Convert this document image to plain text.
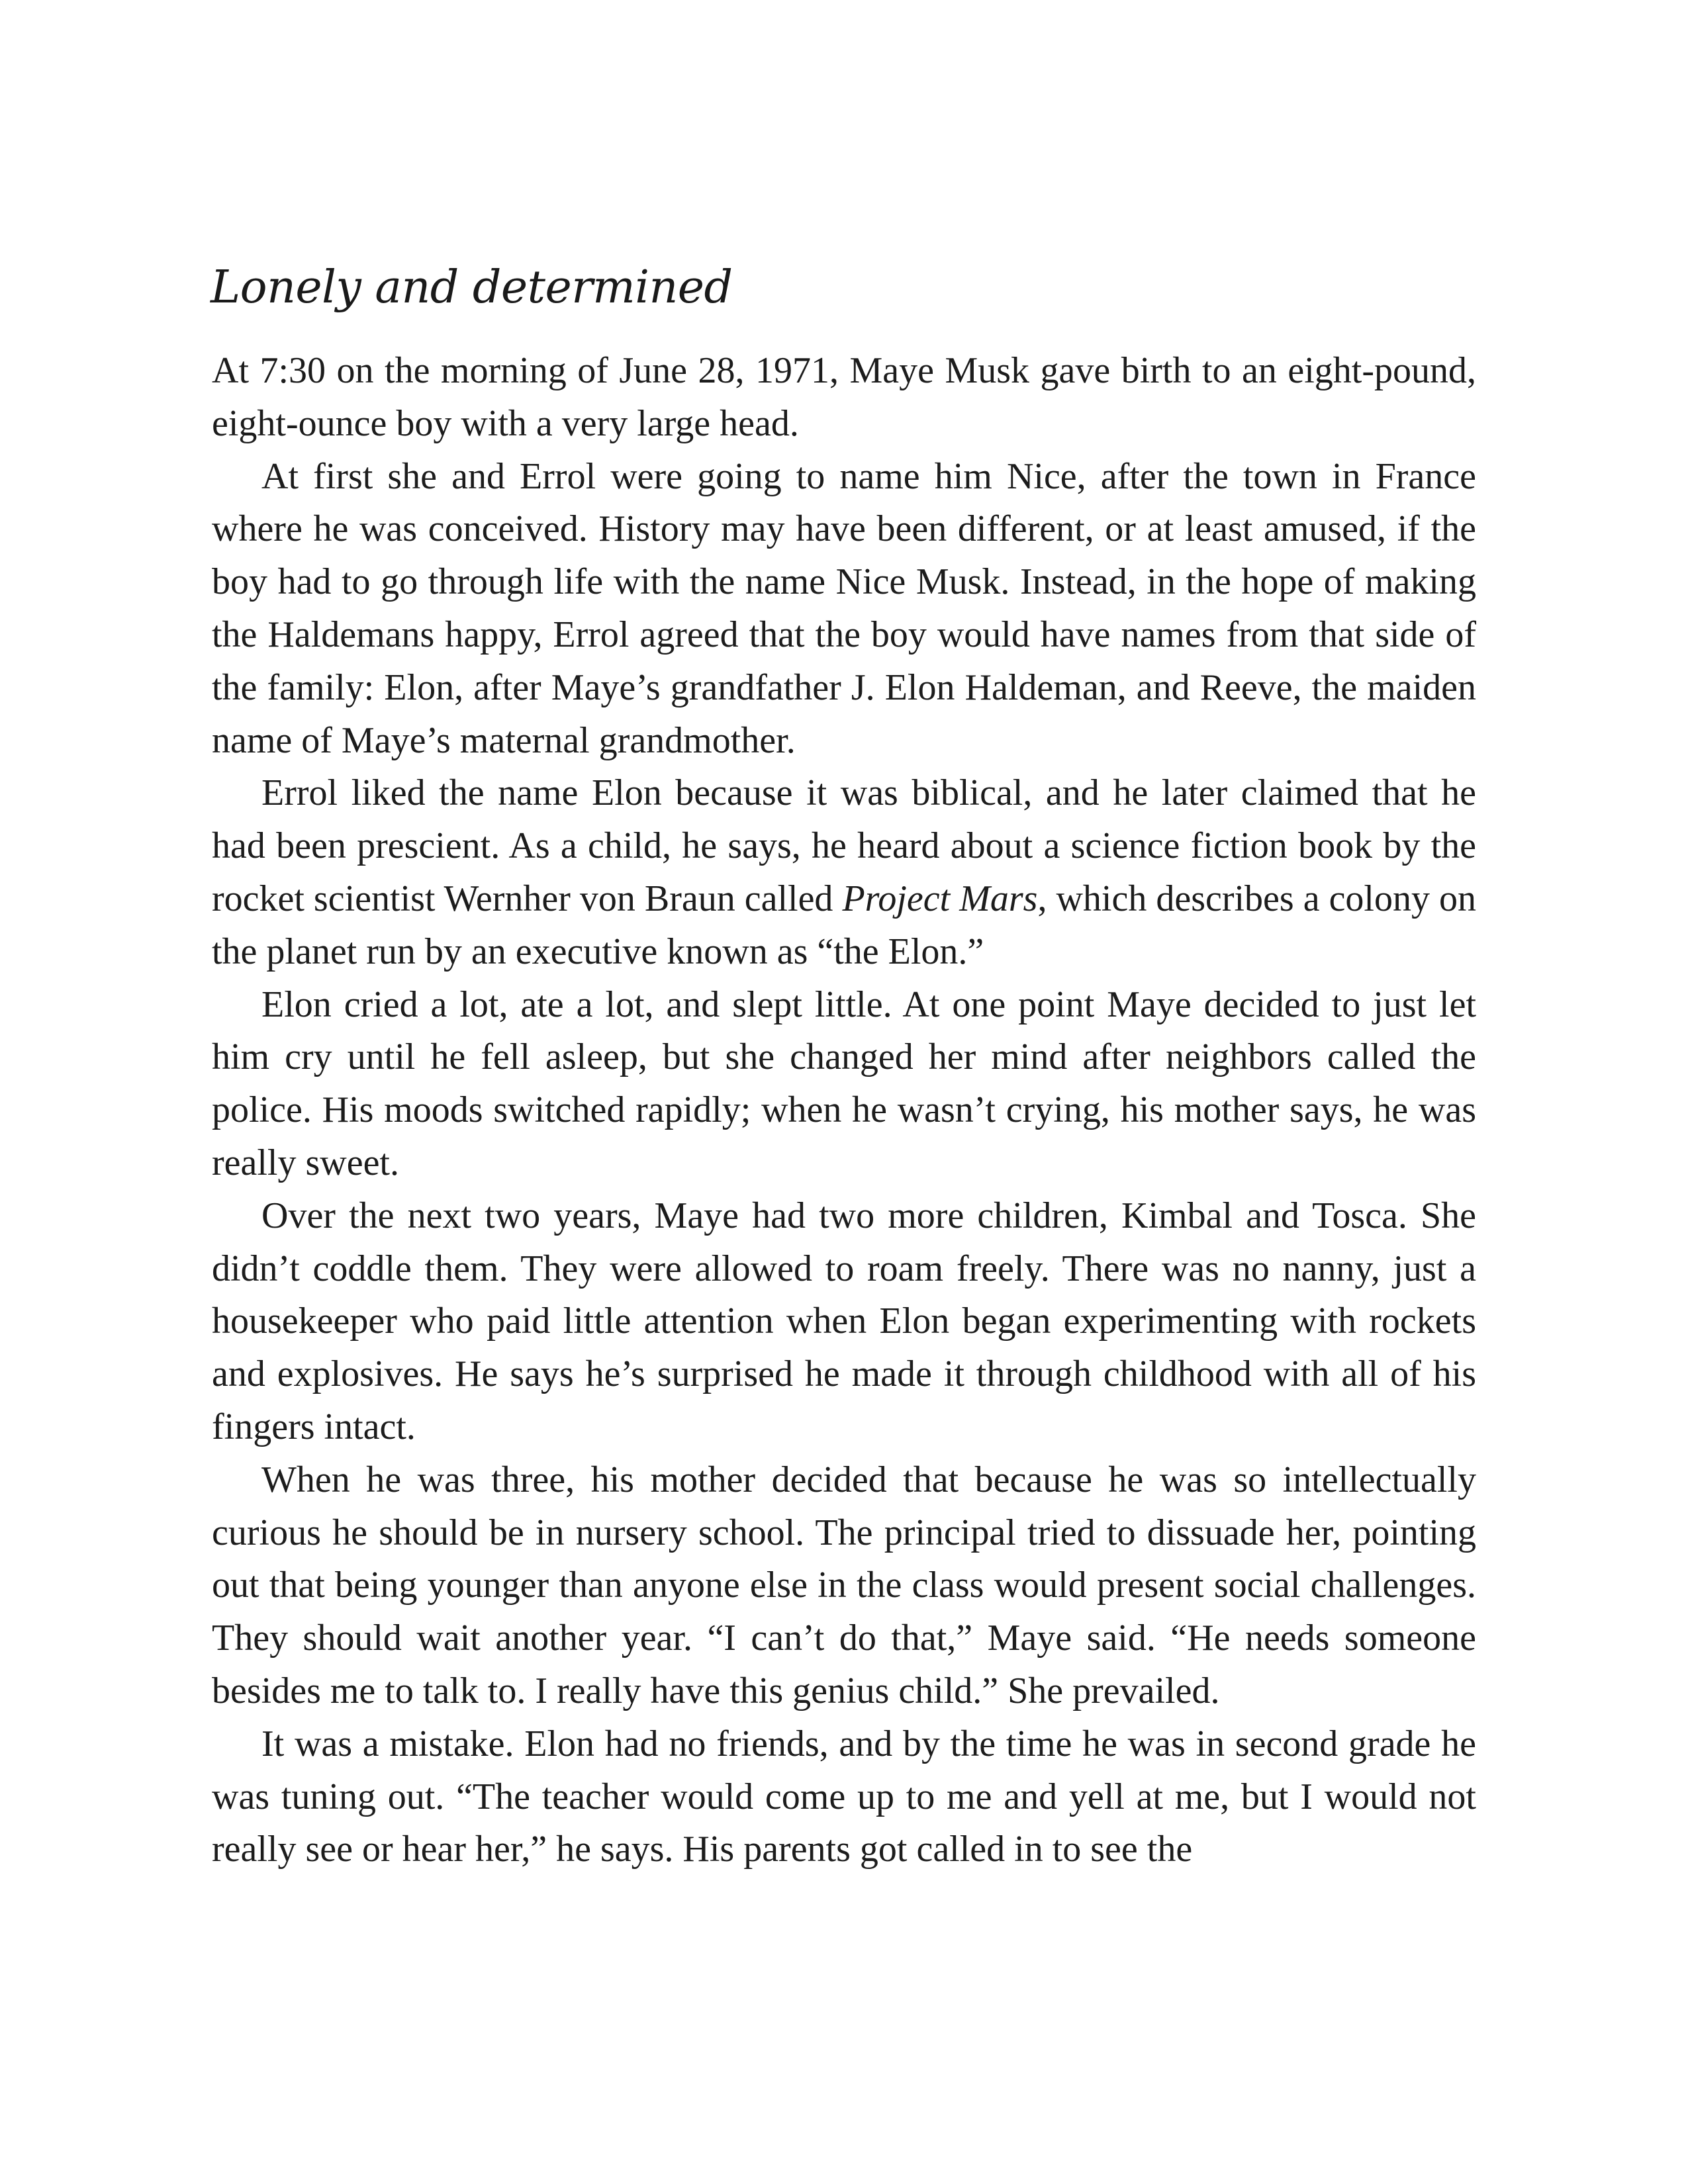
Lonely and determined

At 7:30 on the morning of June 28, 1971, Maye Musk gave birth to an eight-pound, eight-ounce boy with a very large head.

At first she and Errol were going to name him Nice, after the town in France where he was conceived. History may have been different, or at least amused, if the boy had to go through life with the name Nice Musk. Instead, in the hope of making the Haldemans happy, Errol agreed that the boy would have names from that side of the family: Elon, after Maye’s grandfather J. Elon Haldeman, and Reeve, the maiden name of Maye’s maternal grandmother.

Errol liked the name Elon because it was biblical, and he later claimed that he had been prescient. As a child, he says, he heard about a science fiction book by the rocket scientist Wernher von Braun called Project Mars, which describes a colony on the planet run by an executive known as “the Elon.”

Elon cried a lot, ate a lot, and slept little. At one point Maye decided to just let him cry until he fell asleep, but she changed her mind after neighbors called the police. His moods switched rapidly; when he wasn’t crying, his mother says, he was really sweet.

Over the next two years, Maye had two more children, Kimbal and Tosca. She didn’t coddle them. They were allowed to roam freely. There was no nanny, just a housekeeper who paid little attention when Elon began experimenting with rockets and explosives. He says he’s surprised he made it through childhood with all of his fingers intact.

When he was three, his mother decided that because he was so intellectually curious he should be in nursery school. The principal tried to dissuade her, pointing out that being younger than anyone else in the class would present social challenges. They should wait another year. “I can’t do that,” Maye said. “He needs someone besides me to talk to. I really have this genius child.” She prevailed.

It was a mistake. Elon had no friends, and by the time he was in second grade he was tuning out. “The teacher would come up to me and yell at me, but I would not really see or hear her,” he says. His parents got called in to see the
